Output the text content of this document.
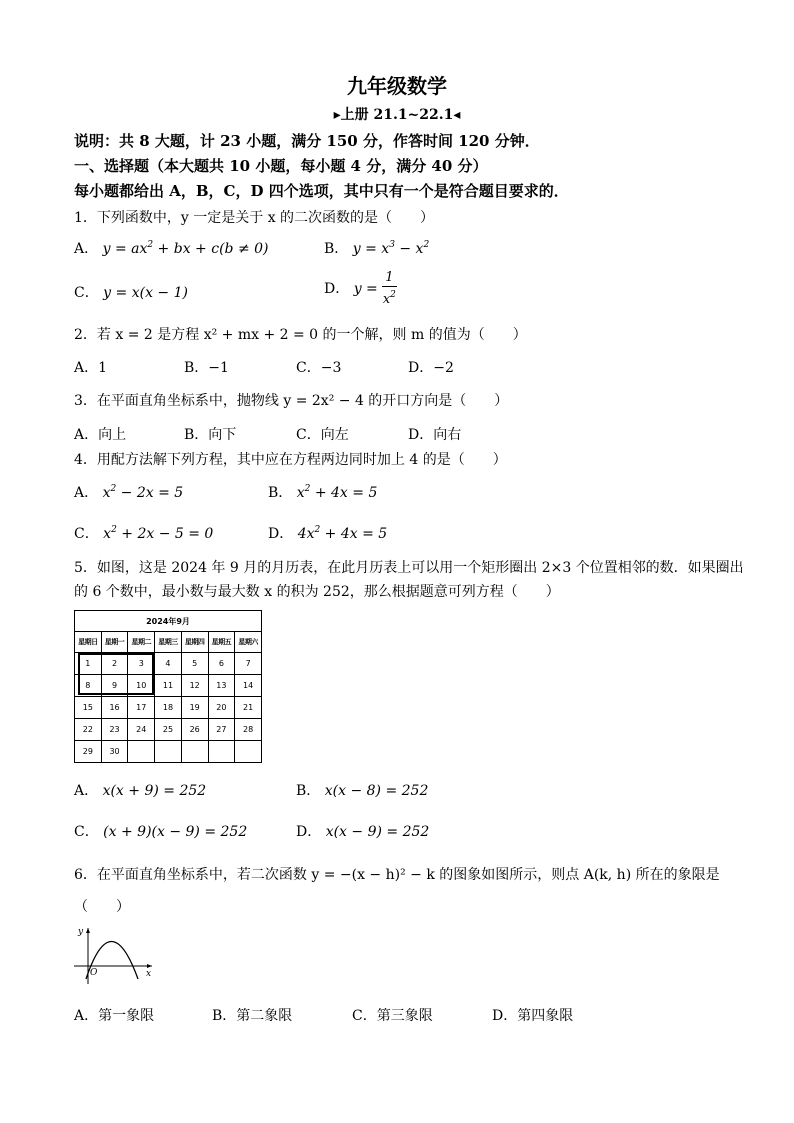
九年级数学
▸上册 21.1~22.1◂
说明：共 8 大题，计 23 小题，满分 150 分，作答时间 120 分钟．
一、选择题（本大题共 10 小题，每小题 4 分，满分 40 分）
每小题都给出 A，B，C，D 四个选项，其中只有一个是符合题目要求的．
1．下列函数中，y 一定是关于 x 的二次函数的是（　　）
A． $y = ax^2$ + bx + c(b ≠ 0)	B． $y = x^3 - x^2$
C． y = x(x − 1)	D． $y = \frac{1}{x^2}$
2．若 x = 2 是方程 x² + mx + 2 = 0 的一个解，则 m 的值为（　　）
A．1	B．−1	C．−3	D．−2
3．在平面直角坐标系中，抛物线 y = 2x² − 4 的开口方向是（　　）
A．向上	B．向下	C．向左	D．向右
4．用配方法解下列方程，其中应在方程两边同时加上 4 的是（　　）
A． $x^2 - 2x = 5$	B． $x^2 + 4x = 5$
C． $x^2 + 2x - 5 = 0$	D． $4x^2 + 4x = 5$
5．如图，这是 2024 年 9 月的月历表，在此月历表上可以用一个矩形圈出 2×3 个位置相邻的数．如果圈出
的 6 个数中，最小数与最大数 x 的积为 252，那么根据题意可列方程（　　）
2024年9月						
星期日	星期一	星期二	星期三	星期四	星期五	星期六
1	2	3	4	5	6	7
8	9	10	11	12	13	14
15	16	17	18	19	20	21
22	23	24	25	26	27	28
29	30					
A． x(x + 9) = 252	B． x(x − 8) = 252
C． (x + 9)(x − 9) = 252	D． x(x − 9) = 252
6．在平面直角坐标系中，若二次函数 y = −(x − h)² − k 的图象如图所示，则点 A(k, h) 所在的象限是
（　　）
y
x
O
A．第一象限	B．第二象限	C．第三象限	D．第四象限
